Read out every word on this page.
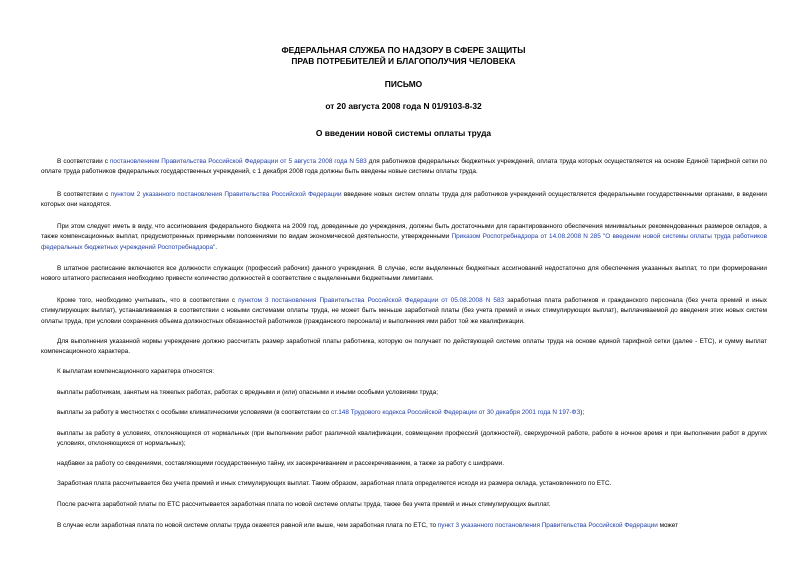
ФЕДЕРАЛЬНАЯ СЛУЖБА ПО НАДЗОРУ В СФЕРЕ ЗАЩИТЫ
ПРАВ ПОТРЕБИТЕЛЕЙ И БЛАГОПОЛУЧИЯ ЧЕЛОВЕКА
ПИСЬМО
от 20 августа 2008 года N 01/9103-8-32
О введении новой системы оплаты труда

В соответствии с постановлением Правительства Российской Федерации от 5 августа 2008 года N 583 для работников федеральных бюджетных учреждений, оплата труда которых осуществляется на основе Единой тарифной сетки по оплате труда работников федеральных государственных учреждений, с 1 декабря 2008 года должны быть введены новые системы оплаты труда.

В соответствии с пунктом 2 указанного постановления Правительства Российской Федерации введение новых систем оплаты труда для работников учреждений осуществляется федеральными государственными органами, в ведении которых они находятся.

При этом следует иметь в виду, что ассигнования федерального бюджета на 2009 год, доведенные до учреждения, должны быть достаточными для гарантированного обеспечения минимальных рекомендованных размеров окладов, а также компенсационных выплат, предусмотренных примерными положениями по видам экономической деятельности, утвержденными Приказом Роспотребнадзора от 14.08.2008 N 285 "О введении новой системы оплаты труда работников федеральных бюджетных учреждений Роспотребнадзора".

В штатное расписание включаются все должности служащих (профессий рабочих) данного учреждения. В случае, если выделенных бюджетных ассигнований недостаточно для обеспечения указанных выплат, то при формировании нового штатного расписания необходимо привести количество должностей в соответствие с выделенными бюджетными лимитами.

Кроме того, необходимо учитывать, что в соответствии с пунктом 3 постановления Правительства Российской Федерации от 05.08.2008 N 583 заработная плата работников и гражданского персонала (без учета премий и иных стимулирующих выплат), устанавливаемая в соответствии с новыми системами оплаты труда, не может быть меньше заработной платы (без учета премий и иных стимулирующих выплат), выплачиваемой до введения этих новых систем оплаты труда, при условии сохранения объема должностных обязанностей работников (гражданского персонала) и выполнения ими работ той же квалификации.

Для выполнения указанной нормы учреждение должно рассчитать размер заработной платы работника, которую он получает по действующей системе оплаты труда на основе единой тарифной сетки (далее - ЕТС), и сумму выплат компенсационного характера.

К выплатам компенсационного характера относятся:

выплаты работникам, занятым на тяжелых работах, работах с вредными и (или) опасными и иными особыми условиями труда;

выплаты за работу в местностях с особыми климатическими условиями (в соответствии со ст.148 Трудового кодекса Российской Федерации от 30 декабря 2001 года N 197-ФЗ);

выплаты за работу в условиях, отклоняющихся от нормальных (при выполнении работ различной квалификации, совмещении профессий (должностей), сверхурочной работе, работе в ночное время и при выполнении работ в других условиях, отклоняющихся от нормальных);

надбавки за работу со сведениями, составляющими государственную тайну, их засекречиванием и рассекречиванием, а также за работу с шифрами.

Заработная плата рассчитывается без учета премий и иных стимулирующих выплат. Таким образом, заработная плата определяется исходя из размера оклада, установленного по ЕТС.

После расчета заработной платы по ЕТС рассчитывается заработная плата по новой системе оплаты труда, также без учета премий и иных стимулирующих выплат.

В случае если заработная плата по новой системе оплаты труда окажется равной или выше, чем заработная плата по ЕТС, то пункт 3 указанного постановления Правительства Российской Федерации может
